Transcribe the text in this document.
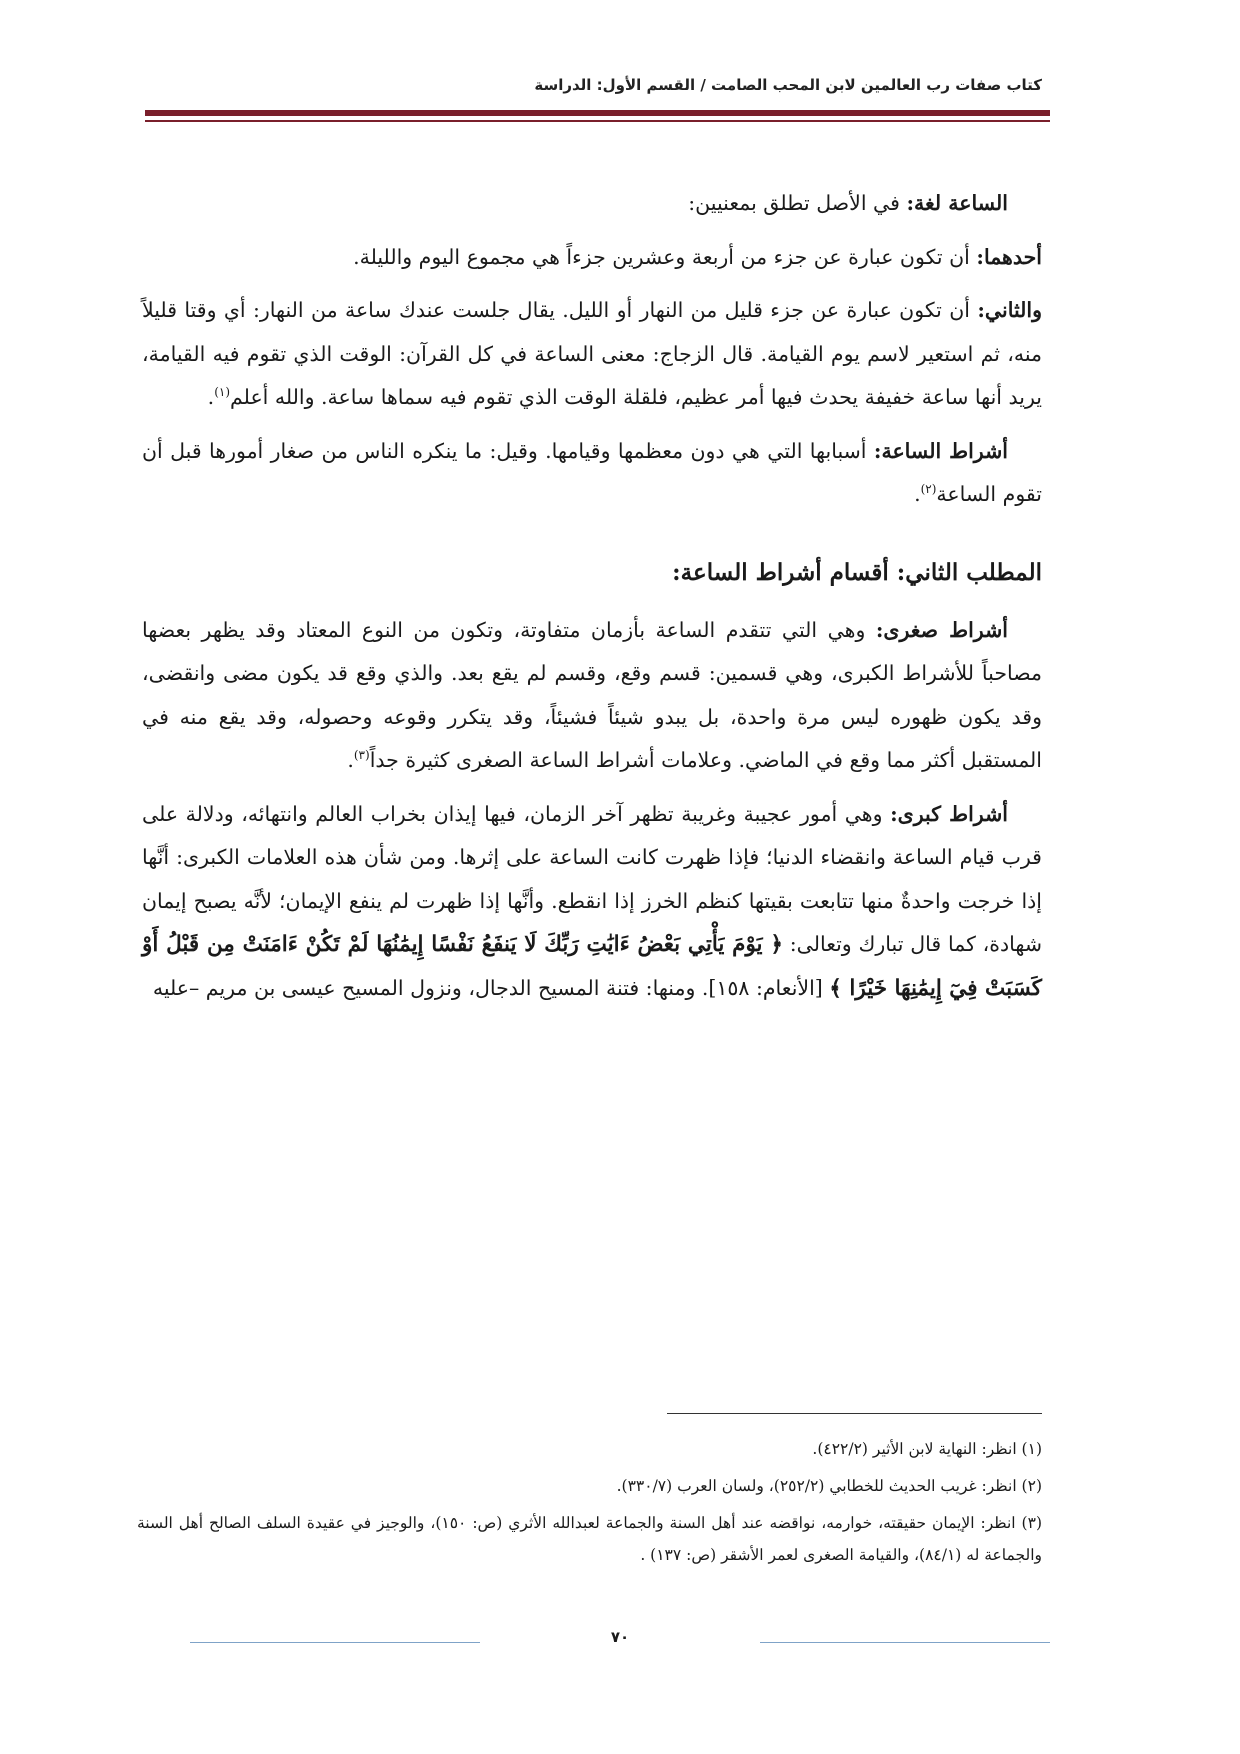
كتاب صفات رب العالمين لابن المحب الصامت / القسم الأول: الدراسة

الساعة لغة: في الأصل تطلق بمعنيين:

أحدهما: أن تكون عبارة عن جزء من أربعة وعشرين جزءاً هي مجموع اليوم والليلة.

والثاني: أن تكون عبارة عن جزء قليل من النهار أو الليل. يقال جلست عندك ساعة من النهار: أي وقتا قليلاً منه، ثم استعير لاسم يوم القيامة. قال الزجاج: معنى الساعة في كل القرآن: الوقت الذي تقوم فيه القيامة، يريد أنها ساعة خفيفة يحدث فيها أمر عظيم، فلقلة الوقت الذي تقوم فيه سماها ساعة. والله أعلم$^{(١)}$.

أشراط الساعة: أسبابها التي هي دون معظمها وقيامها. وقيل: ما ينكره الناس من صغار أمورها قبل أن تقوم الساعة$^{(٢)}$.

المطلب الثاني: أقسام أشراط الساعة:

أشراط صغرى: وهي التي تتقدم الساعة بأزمان متفاوتة، وتكون من النوع المعتاد وقد يظهر بعضها مصاحباً للأشراط الكبرى، وهي قسمين: قسم وقع، وقسم لم يقع بعد. والذي وقع قد يكون مضى وانقضى، وقد يكون ظهوره ليس مرة واحدة، بل يبدو شيئاً فشيئاً، وقد يتكرر وقوعه وحصوله، وقد يقع منه في المستقبل أكثر مما وقع في الماضي. وعلامات أشراط الساعة الصغرى كثيرة جداً$^{(٣)}$.

أشراط كبرى: وهي أمور عجيبة وغريبة تظهر آخر الزمان، فيها إيذان بخراب العالم وانتهائه، ودلالة على قرب قيام الساعة وانقضاء الدنيا؛ فإذا ظهرت كانت الساعة على إثرها. ومن شأن هذه العلامات الكبرى: أنَّها إذا خرجت واحدةٌ منها تتابعت بقيتها كنظم الخرز إذا انقطع. وأنَّها إذا ظهرت لم ينفع الإيمان؛ لأنَّه يصبح إيمان شهادة، كما قال تبارك وتعالى: ﴿ يَوْمَ يَأْتِي بَعْضُ ءَايَٰتِ رَبِّكَ لَا يَنفَعُ نَفْسًا إِيمَٰنُهَا لَمْ تَكُنْ ءَامَنَتْ مِن قَبْلُ أَوْ كَسَبَتْ فِيٓ إِيمَٰنِهَا خَيْرًا ﴾ [الأنعام: ١٥٨]. ومنها: فتنة المسيح الدجال، ونزول المسيح عيسى بن مريم –عليه

(١) انظر: النهاية لابن الأثير (٤٢٢/٢).

(٢) انظر: غريب الحديث للخطابي (٢٥٢/٢)، ولسان العرب (٣٣٠/٧).

(٣) انظر: الإيمان حقيقته، خوارمه، نواقضه عند أهل السنة والجماعة لعبدالله الأثري (ص: ١٥٠)، والوجيز في عقيدة السلف الصالح أهل السنة والجماعة له (٨٤/١)، والقيامة الصغرى لعمر الأشقر (ص: ١٣٧) .

٧٠
